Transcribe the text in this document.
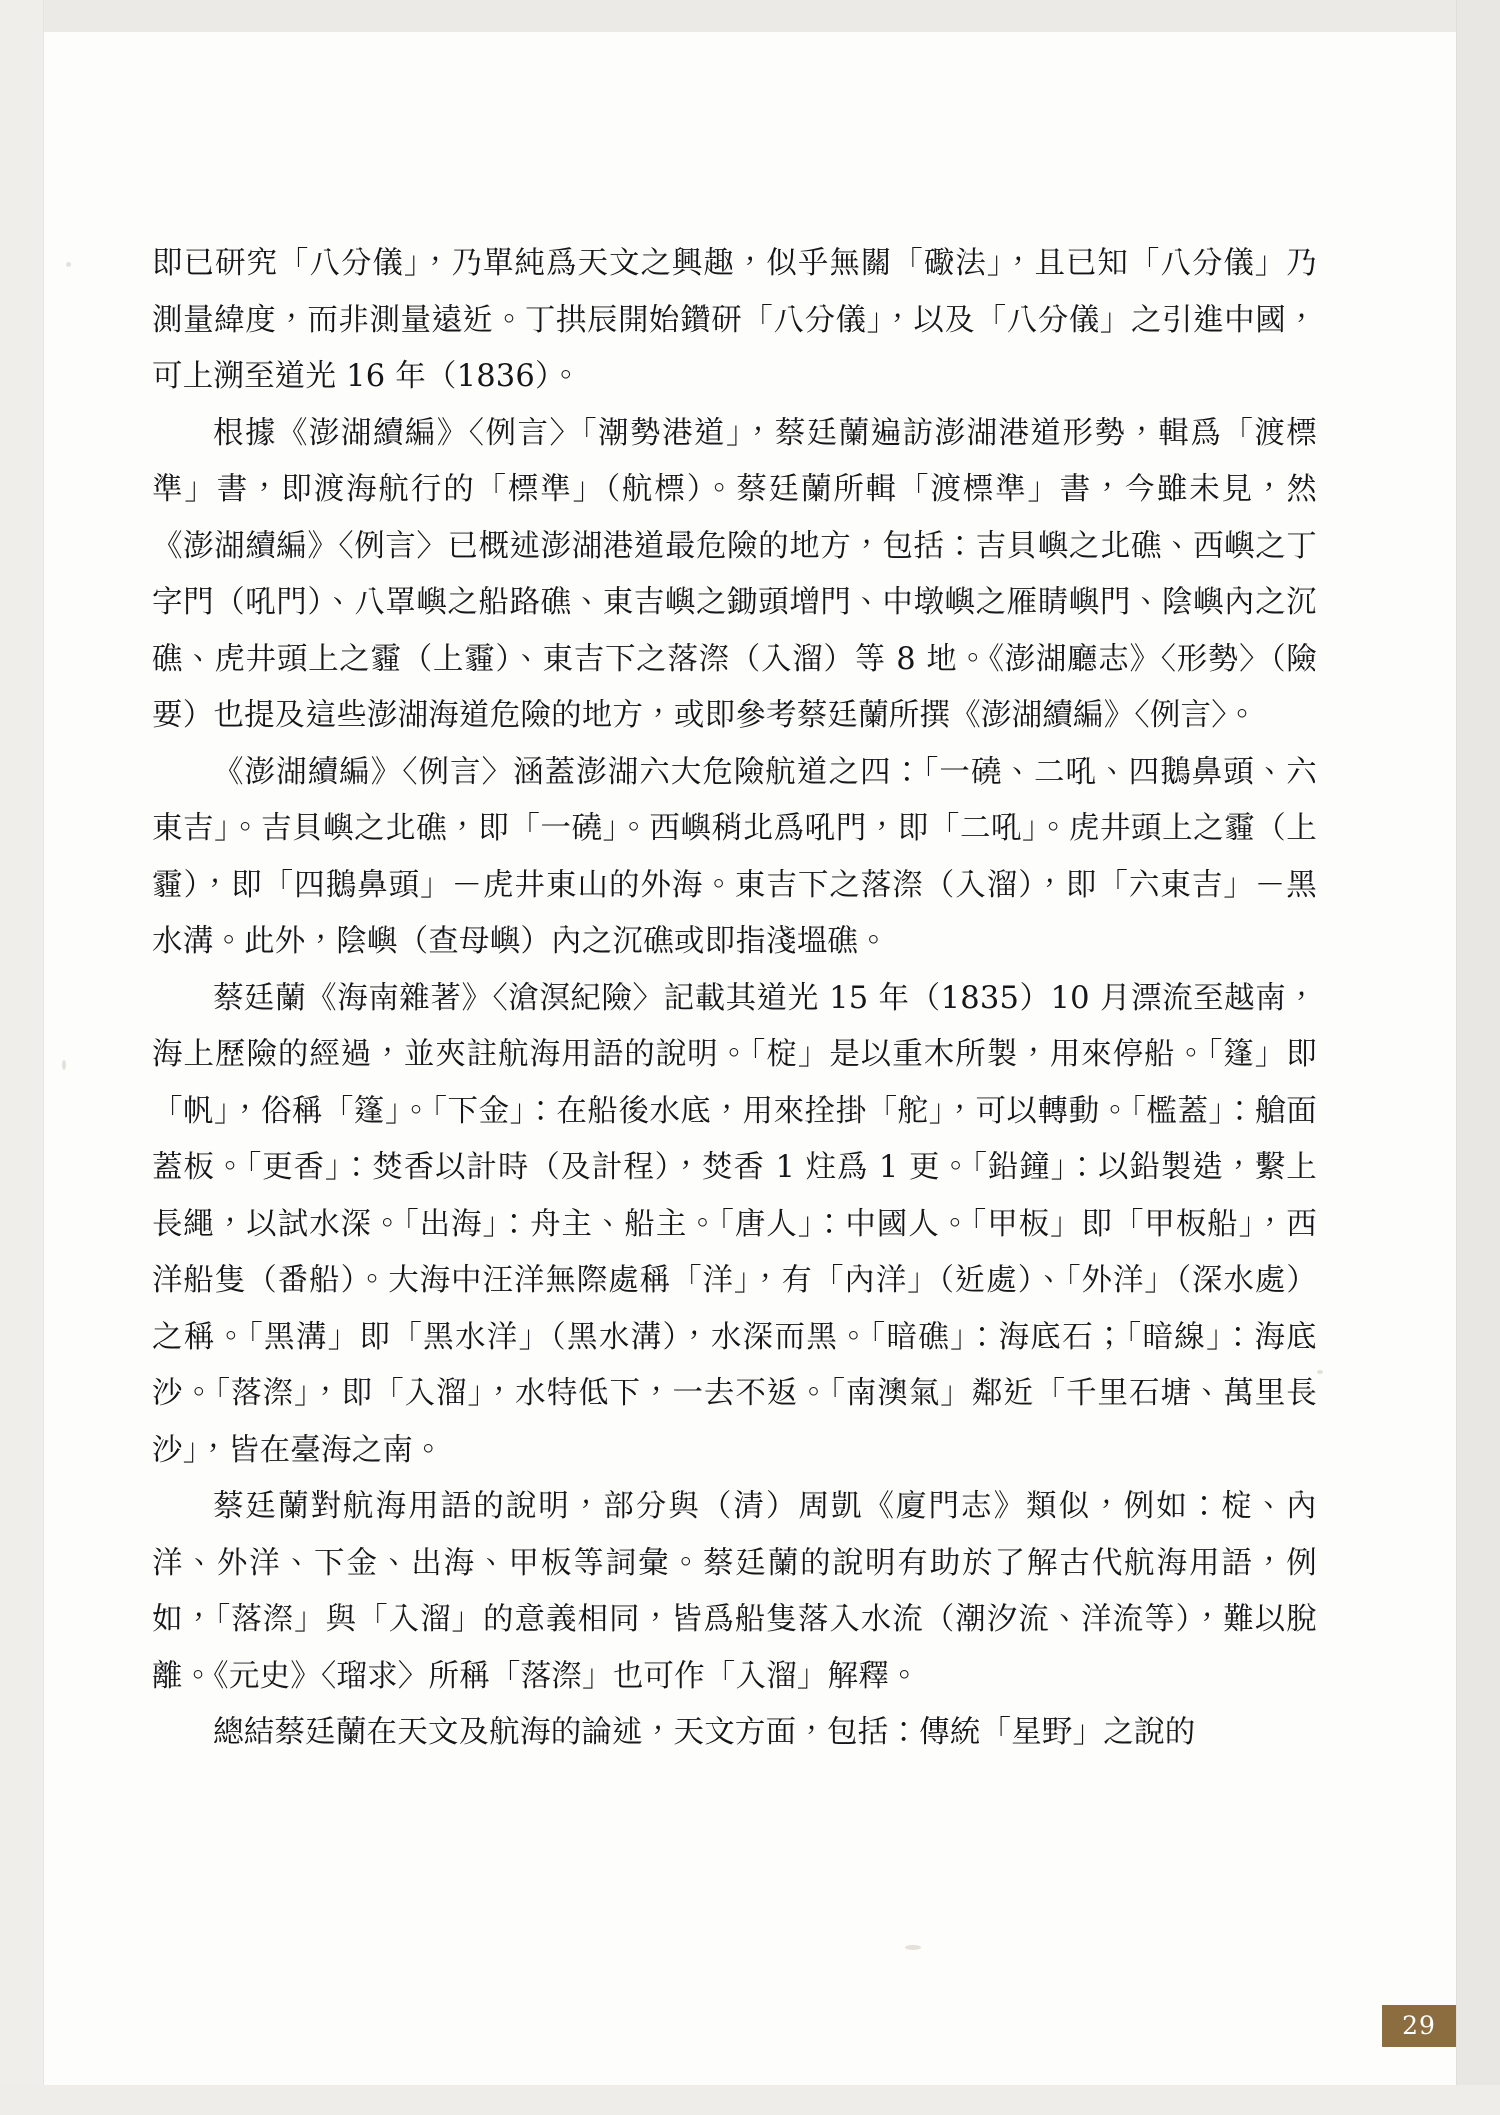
即已研究「八分儀」，乃單純爲天文之興趣，似乎無關「礮法」，且已知「八分儀」乃測量緯度，而非測量遠近。丁拱辰開始鑽研「八分儀」，以及「八分儀」之引進中國，可上溯至道光 16 年（1836）。

根據《澎湖續編》〈例言〉「潮勢港道」，蔡廷蘭遍訪澎湖港道形勢，輯爲「渡標準」書，即渡海航行的「標準」（航標）。蔡廷蘭所輯「渡標準」書，今雖未見，然《澎湖續編》〈例言〉已概述澎湖港道最危險的地方，包括：吉貝嶼之北礁、西嶼之丁字門（吼門）、八罩嶼之船路礁、東吉嶼之鋤頭增門、中墩嶼之雁睛嶼門、陰嶼內之沉礁、虎井頭上之霾（上霾）、東吉下之落漈（入溜）等 8 地。《澎湖廳志》〈形勢〉（險要）也提及這些澎湖海道危險的地方，或即參考蔡廷蘭所撰《澎湖續編》〈例言〉。

《澎湖續編》〈例言〉涵蓋澎湖六大危險航道之四：「一磽、二吼、四鵝鼻頭、六東吉」。吉貝嶼之北礁，即「一磽」。西嶼稍北爲吼門，即「二吼」。虎井頭上之霾（上霾），即「四鵝鼻頭」－虎井東山的外海。東吉下之落漈（入溜），即「六東吉」－黑水溝。此外，陰嶼（查母嶼）內之沉礁或即指淺塭礁。

蔡廷蘭《海南雜著》〈滄溟紀險〉記載其道光 15 年（1835）10 月漂流至越南，海上歷險的經過，並夾註航海用語的說明。「椗」是以重木所製，用來停船。「篷」即「帆」，俗稱「篷」。「下金」：在船後水底，用來拴掛「舵」，可以轉動。「檻蓋」：艙面蓋板。「更香」：焚香以計時（及計程），焚香 1 炷爲 1 更。「鉛鐘」：以鉛製造，繫上長繩，以試水深。「出海」：舟主、船主。「唐人」：中國人。「甲板」即「甲板船」，西洋船隻（番船）。大海中汪洋無際處稱「洋」，有「內洋」（近處）、「外洋」（深水處）之稱。「黑溝」即「黑水洋」（黑水溝），水深而黑。「暗礁」：海底石；「暗線」：海底沙。「落漈」，即「入溜」，水特低下，一去不返。「南澳氣」鄰近「千里石塘、萬里長沙」，皆在臺海之南。

蔡廷蘭對航海用語的說明，部分與（清）周凱《廈門志》類似，例如：椗、內洋、外洋、下金、出海、甲板等詞彙。蔡廷蘭的說明有助於了解古代航海用語，例如，「落漈」與「入溜」的意義相同，皆爲船隻落入水流（潮汐流、洋流等），難以脫離。《元史》〈瑠求〉所稱「落漈」也可作「入溜」解釋。

總結蔡廷蘭在天文及航海的論述，天文方面，包括：傳統「星野」之說的

29
